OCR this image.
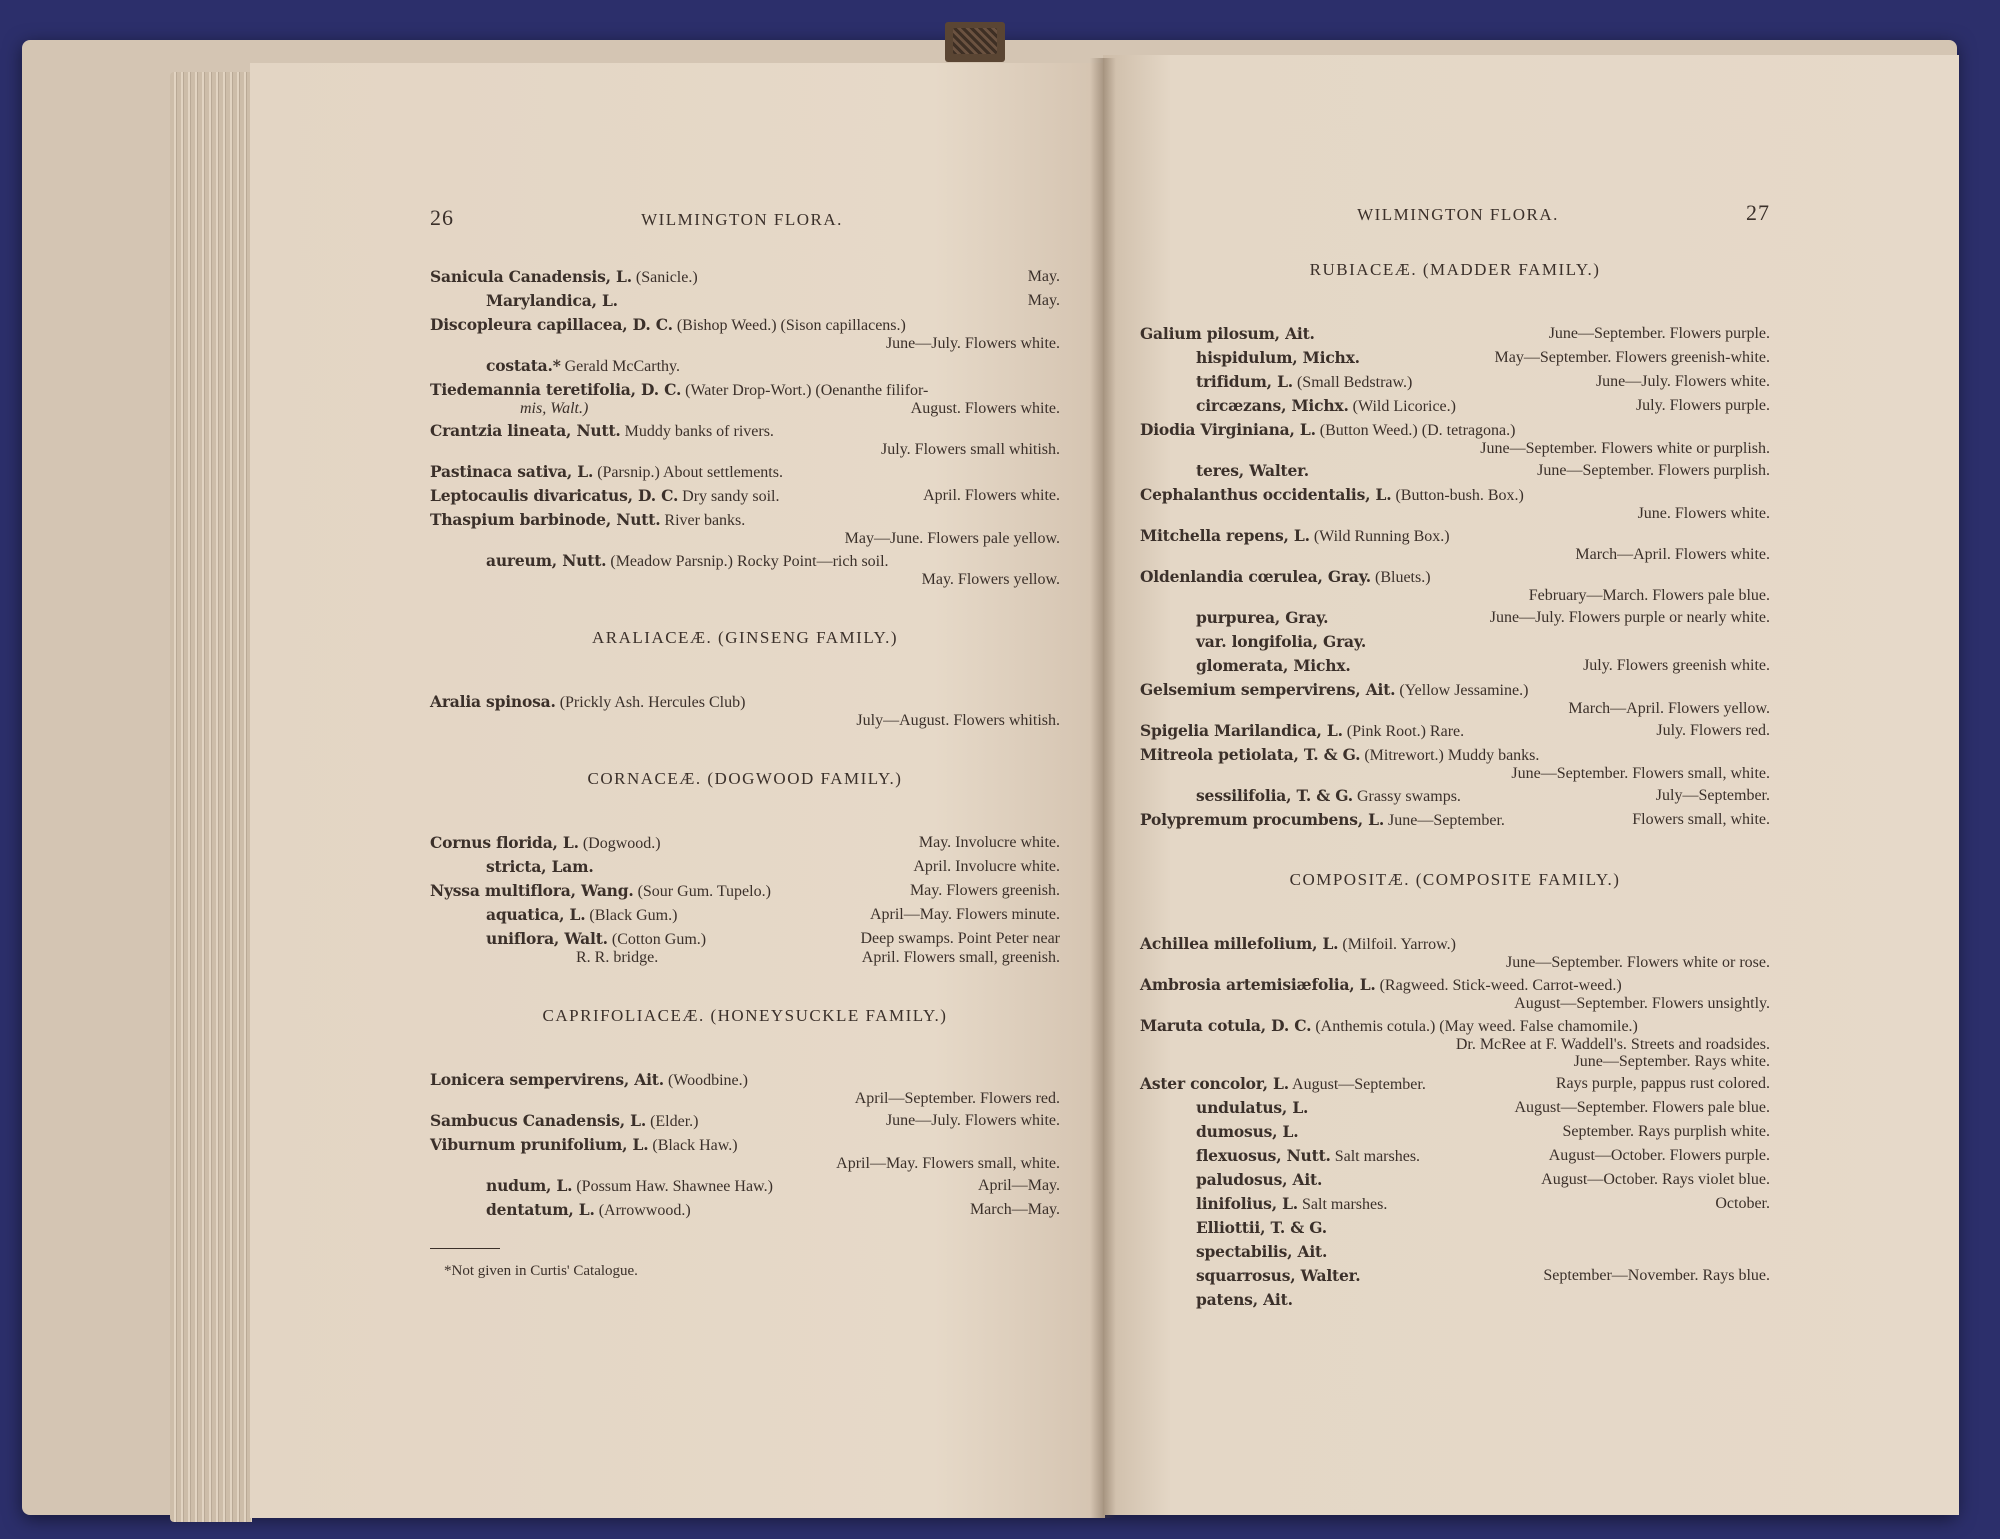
26	WILMINGTON FLORA.
Sanicula Canadensis, L. (Sanicle.)	May.
Marylandica, L.	May.
Discopleura capillacea, D. C. (Bishop Weed.) (Sison capillacens.)
June—July. Flowers white.
costata.* Gerald McCarthy.
Tiedemannia teretifolia, D. C. (Water Drop-Wort.) (Oenanthe filifor-
mis, Walt.)	August. Flowers white.
Crantzia lineata, Nutt. Muddy banks of rivers.
July. Flowers small whitish.
Pastinaca sativa, L. (Parsnip.) About settlements.
Leptocaulis divaricatus, D. C. Dry sandy soil.	April. Flowers white.
Thaspium barbinode, Nutt. River banks.
May—June. Flowers pale yellow.
aureum, Nutt. (Meadow Parsnip.) Rocky Point—rich soil.
May. Flowers yellow.
ARALIACEÆ. (GINSENG FAMILY.)
Aralia spinosa. (Prickly Ash. Hercules Club)
July—August. Flowers whitish.
CORNACEÆ. (DOGWOOD FAMILY.)
Cornus florida, L. (Dogwood.)	May. Involucre white.
stricta, Lam.	April. Involucre white.
Nyssa multiflora, Wang. (Sour Gum. Tupelo.)	May. Flowers greenish.
aquatica, L. (Black Gum.)	April—May. Flowers minute.
uniflora, Walt. (Cotton Gum.)	Deep swamps. Point Peter near
R. R. bridge.	April. Flowers small, greenish.
CAPRIFOLIACEÆ. (HONEYSUCKLE FAMILY.)
Lonicera sempervirens, Ait. (Woodbine.)
April—September. Flowers red.
Sambucus Canadensis, L. (Elder.)	June—July. Flowers white.
Viburnum prunifolium, L. (Black Haw.)
April—May. Flowers small, white.
nudum, L. (Possum Haw. Shawnee Haw.)	April—May.
dentatum, L. (Arrowwood.)	March—May.
*Not given in Curtis' Catalogue.
WILMINGTON FLORA.	27
RUBIACEÆ. (MADDER FAMILY.)
Galium pilosum, Ait.	June—September. Flowers purple.
hispidulum, Michx.	May—September. Flowers greenish-white.
trifidum, L. (Small Bedstraw.)	June—July. Flowers white.
circæzans, Michx. (Wild Licorice.)	July. Flowers purple.
Diodia Virginiana, L. (Button Weed.) (D. tetragona.)
June—September. Flowers white or purplish.
teres, Walter.	June—September. Flowers purplish.
Cephalanthus occidentalis, L. (Button-bush. Box.)
June. Flowers white.
Mitchella repens, L. (Wild Running Box.)
March—April. Flowers white.
Oldenlandia cœrulea, Gray. (Bluets.)
February—March. Flowers pale blue.
purpurea, Gray.	June—July. Flowers purple or nearly white.
var. longifolia, Gray.
glomerata, Michx.	July. Flowers greenish white.
Gelsemium sempervirens, Ait. (Yellow Jessamine.)
March—April. Flowers yellow.
Spigelia Marilandica, L. (Pink Root.) Rare.	July. Flowers red.
Mitreola petiolata, T. & G. (Mitrewort.) Muddy banks.
June—September. Flowers small, white.
sessilifolia, T. & G. Grassy swamps.	July—September.
Polypremum procumbens, L. June—September.	Flowers small, white.
COMPOSITÆ. (COMPOSITE FAMILY.)
Achillea millefolium, L. (Milfoil. Yarrow.)
June—September. Flowers white or rose.
Ambrosia artemisiæfolia, L. (Ragweed. Stick-weed. Carrot-weed.)
August—September. Flowers unsightly.
Maruta cotula, D. C. (Anthemis cotula.) (May weed. False chamomile.)
Dr. McRee at F. Waddell's. Streets and roadsides.
June—September. Rays white.
Aster concolor, L. August—September.	Rays purple, pappus rust colored.
undulatus, L.	August—September. Flowers pale blue.
dumosus, L.	September. Rays purplish white.
flexuosus, Nutt. Salt marshes.	August—October. Flowers purple.
paludosus, Ait.	August—October. Rays violet blue.
linifolius, L. Salt marshes.	October.
Elliottii, T. & G.
spectabilis, Ait.
squarrosus, Walter.	September—November. Rays blue.
patens, Ait.
